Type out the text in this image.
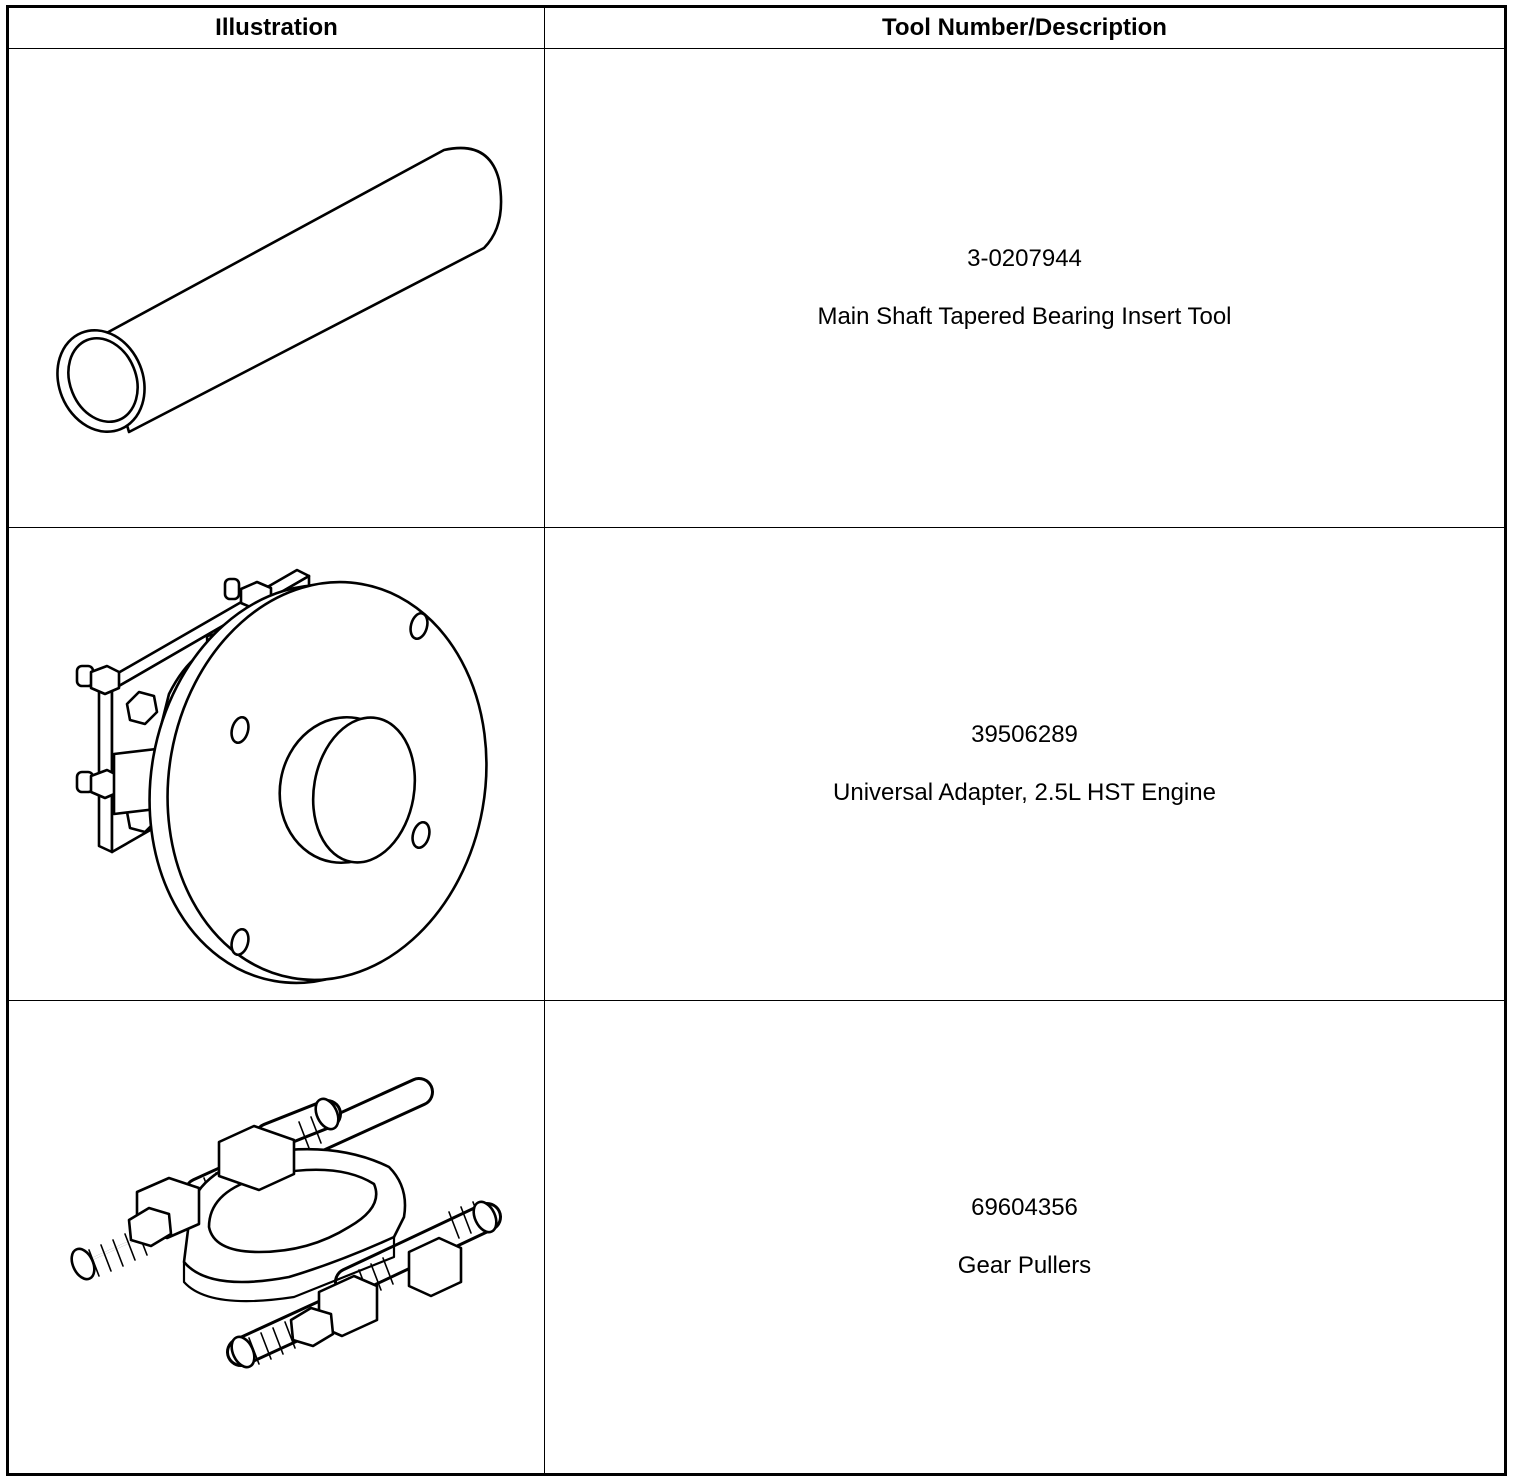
Illustration	Tool Number/Description

3-0207944

Main Shaft Tapered Bearing Insert Tool

39506289

Universal Adapter, 2.5L HST Engine

69604356

Gear Pullers
